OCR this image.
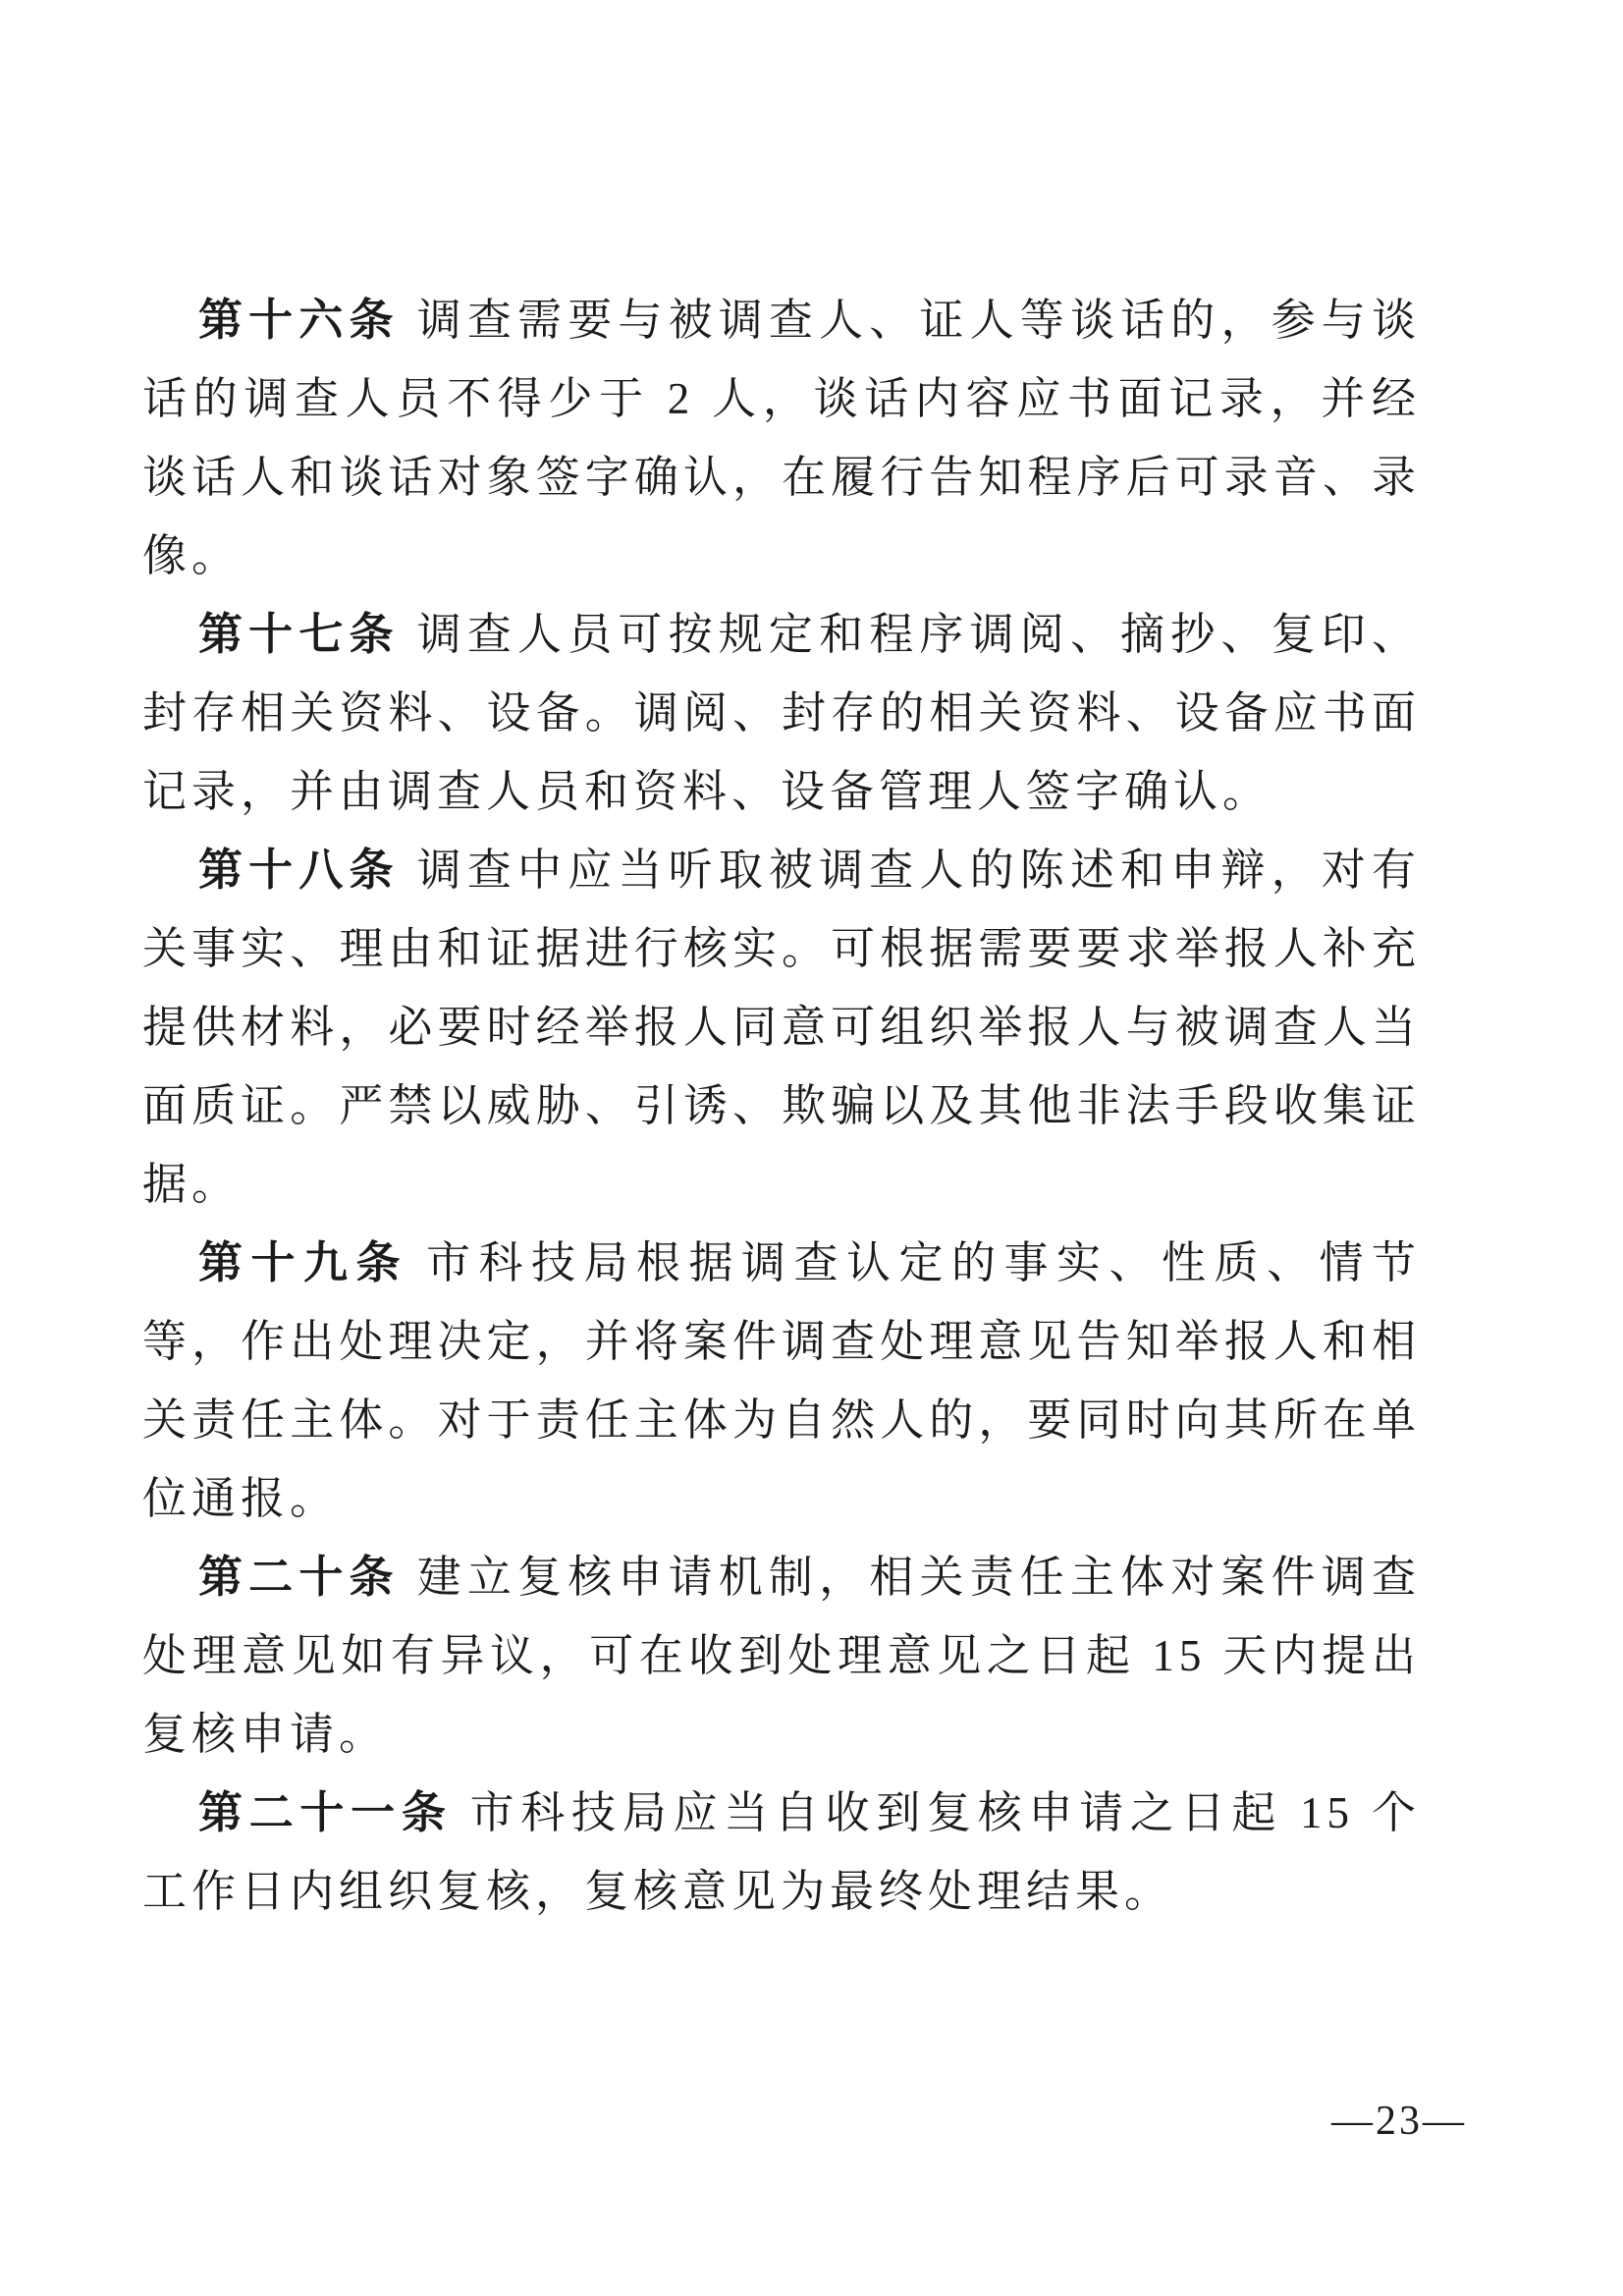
第十六条 调查需要与被调查人、证人等谈话的，参与谈话的调查人员不得少于 2 人，谈话内容应书面记录，并经谈话人和谈话对象签字确认，在履行告知程序后可录音、录像。

第十七条 调查人员可按规定和程序调阅、摘抄、复印、封存相关资料、设备。调阅、封存的相关资料、设备应书面记录，并由调查人员和资料、设备管理人签字确认。

第十八条 调查中应当听取被调查人的陈述和申辩，对有关事实、理由和证据进行核实。可根据需要要求举报人补充提供材料，必要时经举报人同意可组织举报人与被调查人当面质证。严禁以威胁、引诱、欺骗以及其他非法手段收集证据。

第十九条 市科技局根据调查认定的事实、性质、情节等，作出处理决定，并将案件调查处理意见告知举报人和相关责任主体。对于责任主体为自然人的，要同时向其所在单位通报。

第二十条 建立复核申请机制，相关责任主体对案件调查处理意见如有异议，可在收到处理意见之日起 15 天内提出复核申请。

第二十一条 市科技局应当自收到复核申请之日起 15 个工作日内组织复核，复核意见为最终处理结果。

—23—
